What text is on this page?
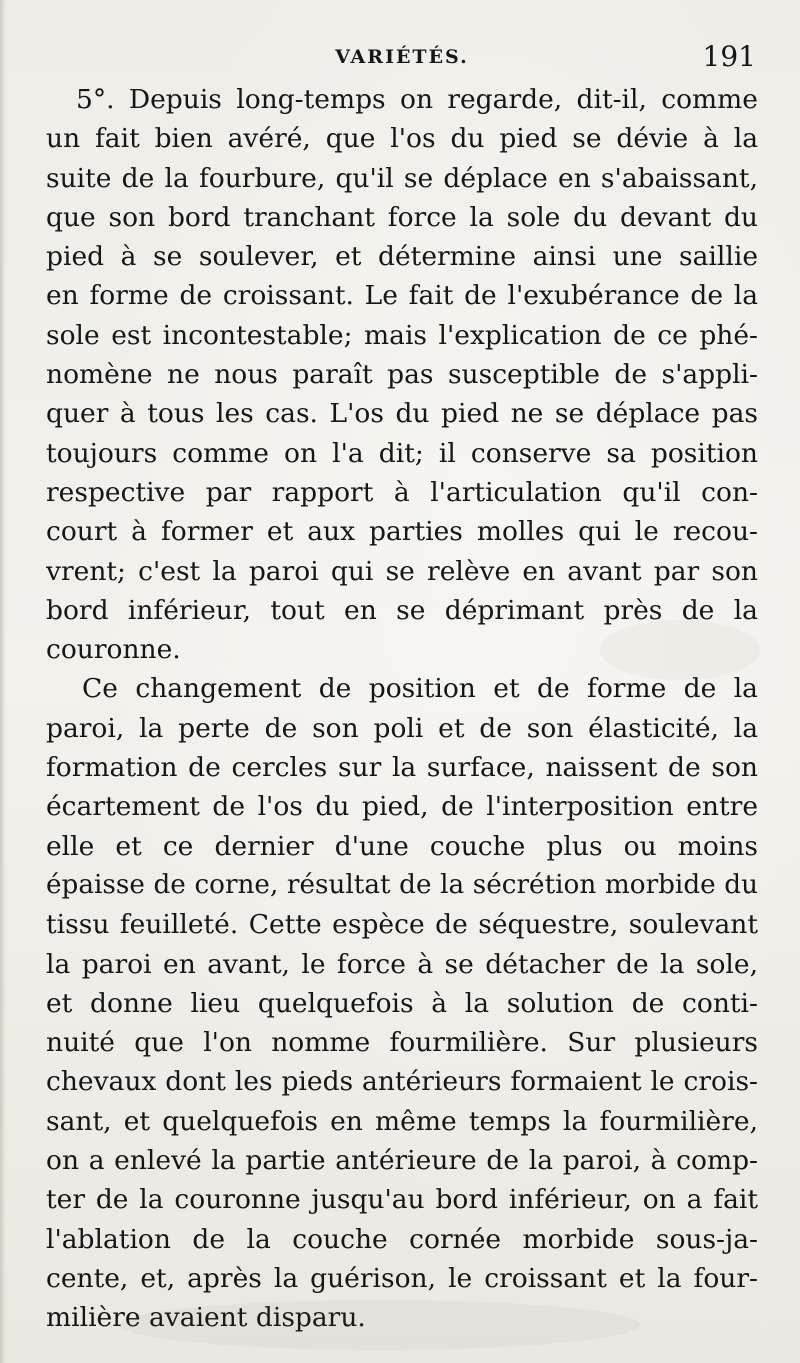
VARIÉTÉS.	191
5°. Depuis long-temps on regarde, dit-il, comme
un fait bien avéré, que l'os du pied se dévie à la
suite de la fourbure, qu'il se déplace en s'abaissant,
que son bord tranchant force la sole du devant du
pied à se soulever, et détermine ainsi une saillie
en forme de croissant. Le fait de l'exubérance de la
sole est incontestable; mais l'explication de ce phé-
nomène ne nous paraît pas susceptible de s'appli-
quer à tous les cas. L'os du pied ne se déplace pas
toujours comme on l'a dit; il conserve sa position
respective par rapport à l'articulation qu'il con-
court à former et aux parties molles qui le recou-
vrent; c'est la paroi qui se relève en avant par son
bord inférieur, tout en se déprimant près de la
couronne.
Ce changement de position et de forme de la
paroi, la perte de son poli et de son élasticité, la
formation de cercles sur la surface, naissent de son
écartement de l'os du pied, de l'interposition entre
elle et ce dernier d'une couche plus ou moins
épaisse de corne, résultat de la sécrétion morbide du
tissu feuilleté. Cette espèce de séquestre, soulevant
la paroi en avant, le force à se détacher de la sole,
et donne lieu quelquefois à la solution de conti-
nuité que l'on nomme fourmilière. Sur plusieurs
chevaux dont les pieds antérieurs formaient le crois-
sant, et quelquefois en même temps la fourmilière,
on a enlevé la partie antérieure de la paroi, à comp-
ter de la couronne jusqu'au bord inférieur, on a fait
l'ablation de la couche cornée morbide sous-ja-
cente, et, après la guérison, le croissant et la four-
milière avaient disparu.
